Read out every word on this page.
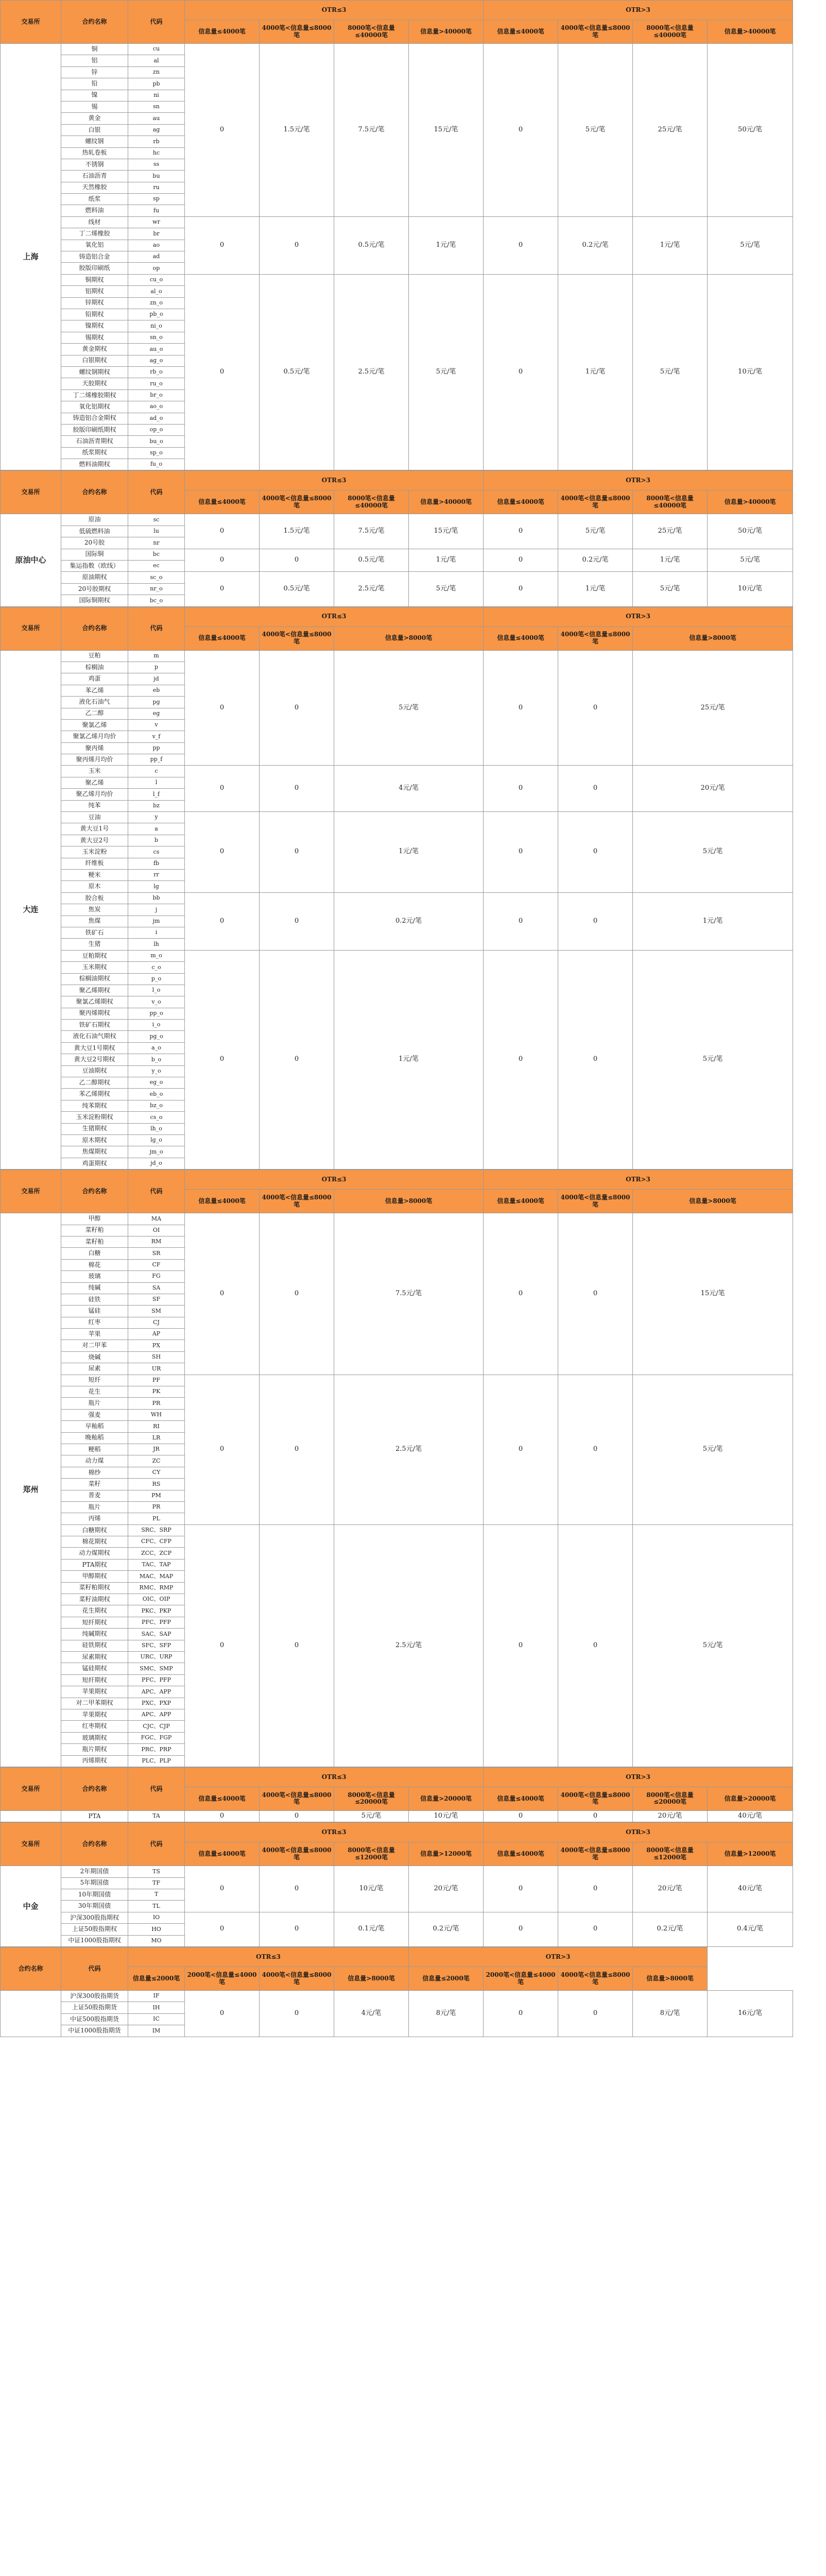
交易所	合约名称	代码	OTR≤3				OTR>3			
			信息量≤4000笔	4000笔<信息量≤8000笔	8000笔<信息量≤40000笔	信息量>40000笔	信息量≤4000笔	4000笔<信息量≤8000笔	8000笔<信息量≤40000笔	信息量>40000笔
上海	铜	cu	0	1.5元/笔	7.5元/笔	15元/笔	0	5元/笔	25元/笔	50元/笔
	铝	al								
	锌	zn								
	铅	pb								
	镍	ni								
	锡	sn								
	黄金	au								
	白银	ag								
	螺纹钢	rb								
	热轧卷板	hc								
	不锈钢	ss								
	石油沥青	bu								
	天然橡胶	ru								
	纸浆	sp								
	燃料油	fu								
	线材	wr	0	0	0.5元/笔	1元/笔	0	0.2元/笔	1元/笔	5元/笔
	丁二烯橡胶	br								
	氧化铝	ao								
	铸造铝合金	ad								
	胶版印刷纸	op								
	铜期权	cu_o	0	0.5元/笔	2.5元/笔	5元/笔	0	1元/笔	5元/笔	10元/笔
	铝期权	al_o								
	锌期权	zn_o								
	铅期权	pb_o								
	镍期权	ni_o								
	锡期权	sn_o								
	黄金期权	au_o								
	白银期权	ag_o								
	螺纹钢期权	rb_o								
	天胶期权	ru_o								
	丁二烯橡胶期权	br_o								
	氧化铝期权	ao_o								
	铸造铝合金期权	ad_o								
	胶版印刷纸期权	op_o								
	石油沥青期权	bu_o								
	纸浆期权	sp_o								
	燃料油期权	fu_o								
交易所	合约名称	代码	OTR≤3				OTR>3			
			信息量≤4000笔	4000笔<信息量≤8000笔	8000笔<信息量≤40000笔	信息量>40000笔	信息量≤4000笔	4000笔<信息量≤8000笔	8000笔<信息量≤40000笔	信息量>40000笔
原油中心	原油	sc	0	1.5元/笔	7.5元/笔	15元/笔	0	5元/笔	25元/笔	50元/笔
	低硫燃料油	lu								
	20号胶	nr								
	国际铜	bc	0	0	0.5元/笔	1元/笔	0	0.2元/笔	1元/笔	5元/笔
	集运指数（欧线）	ec								
	原油期权	sc_o	0	0.5元/笔	2.5元/笔	5元/笔	0	1元/笔	5元/笔	10元/笔
	20号胶期权	nr_o								
	国际铜期权	bc_o								
交易所	合约名称	代码	OTR≤3			OTR>3		
			信息量≤4000笔	4000笔<信息量≤8000笔	信息量>8000笔	信息量≤4000笔	4000笔<信息量≤8000笔	信息量>8000笔
大连	豆粕	m	0	0	5元/笔	0	0	25元/笔
	棕榈油	p						
	鸡蛋	jd						
	苯乙烯	eb						
	液化石油气	pg						
	乙二醇	eg						
	聚氯乙烯	v						
	聚氯乙烯月均价	v_f						
	聚丙烯	pp						
	聚丙烯月均价	pp_f						
	玉米	c	0	0	4元/笔	0	0	20元/笔
	聚乙烯	l						
	聚乙烯月均价	l_f						
	纯苯	bz						
	豆油	y	0	0	1元/笔	0	0	5元/笔
	黄大豆1号	a						
	黄大豆2号	b						
	玉米淀粉	cs						
	纤维板	fb						
	粳米	rr						
	原木	lg						
	胶合板	bb	0	0	0.2元/笔	0	0	1元/笔
	焦炭	j						
	焦煤	jm						
	铁矿石	i						
	生猪	lh						
	豆粕期权	m_o	0	0	1元/笔	0	0	5元/笔
	玉米期权	c_o						
	棕榈油期权	p_o						
	聚乙烯期权	l_o						
	聚氯乙烯期权	v_o						
	聚丙烯期权	pp_o						
	铁矿石期权	i_o						
	液化石油气期权	pg_o						
	黄大豆1号期权	a_o						
	黄大豆2号期权	b_o						
	豆油期权	y_o						
	乙二醇期权	eg_o						
	苯乙烯期权	eb_o						
	纯苯期权	bz_o						
	玉米淀粉期权	cs_o						
	生猪期权	lh_o						
	原木期权	lg_o						
	焦煤期权	jm_o						
	鸡蛋期权	jd_o						
交易所	合约名称	代码	OTR≤3			OTR>3		
			信息量≤4000笔	4000笔<信息量≤8000笔	信息量>8000笔	信息量≤4000笔	4000笔<信息量≤8000笔	信息量>8000笔
郑州	甲醇	MA	0	0	7.5元/笔	0	0	15元/笔
	菜籽粕	OI						
	菜籽粕	RM						
	白糖	SR						
	棉花	CF						
	玻璃	FG						
	纯碱	SA						
	硅铁	SF						
	锰硅	SM						
	红枣	CJ						
	苹果	AP						
	对二甲苯	PX						
	烧碱	SH						
	尿素	UR						
	短纤	PF	0	0	2.5元/笔	0	0	5元/笔
	花生	PK						
	瓶片	PR						
	强麦	WH						
	早籼稻	RI						
	晚籼稻	LR						
	粳稻	JR						
	动力煤	ZC						
	棉纱	CY						
	菜籽	RS						
	普麦	PM						
	瓶片	PR						
	丙烯	PL						
	白糖期权	SRC、SRP	0	0	2.5元/笔	0	0	5元/笔
	棉花期权	CFC、CFP						
	动力煤期权	ZCC、ZCP						
	PTA期权	TAC、TAP						
	甲醇期权	MAC、MAP						
	菜籽粕期权	RMC、RMP						
	菜籽油期权	OIC、OIP						
	花生期权	PKC、PKP						
	短纤期权	PFC、PFP						
	纯碱期权	SAC、SAP						
	硅铁期权	SFC、SFP						
	尿素期权	URC、URP						
	锰硅期权	SMC、SMP						
	短纤期权	PFC、PFP						
	苹果期权	APC、APP						
	对二甲苯期权	PXC、PXP						
	苹果期权	APC、APP						
	红枣期权	CJC、CJP						
	玻璃期权	FGC、FGP						
	瓶片期权	PRC、PRP						
	丙烯期权	PLC、PLP						
交易所	合约名称	代码	OTR≤3				OTR>3			
			信息量≤4000笔	4000笔<信息量≤8000笔	8000笔<信息量≤20000笔	信息量>20000笔	信息量≤4000笔	4000笔<信息量≤8000笔	8000笔<信息量≤20000笔	信息量>20000笔
	PTA	TA	0	0	5元/笔	10元/笔	0	0	20元/笔	40元/笔
交易所	合约名称	代码	OTR≤3				OTR>3			
			信息量≤4000笔	4000笔<信息量≤8000笔	8000笔<信息量≤12000笔	信息量>12000笔	信息量≤4000笔	4000笔<信息量≤8000笔	8000笔<信息量≤12000笔	信息量>12000笔
中金	2年期国债	TS	0	0	10元/笔	20元/笔	0	0	20元/笔	40元/笔
	5年期国债	TF								
	10年期国债	T								
	30年期国债	TL								
	沪深300股指期权	IO	0	0	0.1元/笔	0.2元/笔	0	0	0.2元/笔	0.4元/笔
	上证50股指期权	HO								
	中证1000股指期权	MO								
合约名称	代码	OTR≤3				OTR>3				
		信息量≤2000笔	2000笔<信息量≤4000笔	4000笔<信息量≤8000笔	信息量>8000笔	信息量≤2000笔	2000笔<信息量≤4000笔	4000笔<信息量≤8000笔	信息量>8000笔	
	沪深300股指期货	IF	0	0	4元/笔	8元/笔	0	0	8元/笔	16元/笔
	上证50股指期货	IH								
	中证500股指期货	IC								
	中证1000股指期货	IM								
